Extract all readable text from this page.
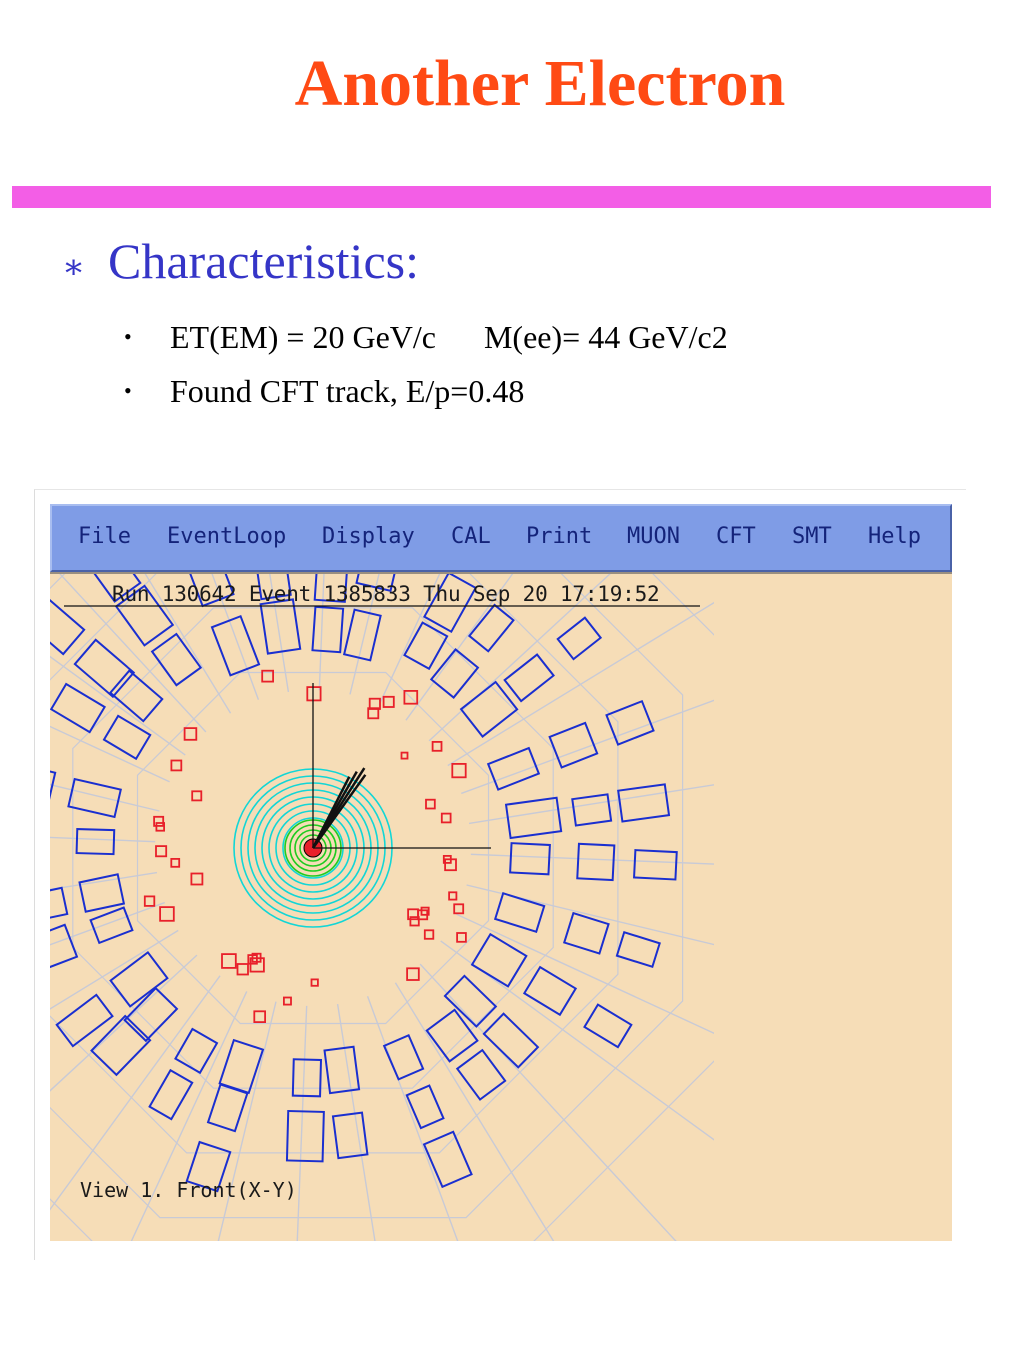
Another Electron
∗ Characteristics:
•	ET(EM) = 20 GeV/c M(ee)= 44 GeV/c2
•	Found CFT track, E/p=0.48
File EventLoop Display CAL Print MUON CFT SMT Help
Run 130642 Event 1385833 Thu Sep 20 17:19:52
View 1. Front(X-Y)
